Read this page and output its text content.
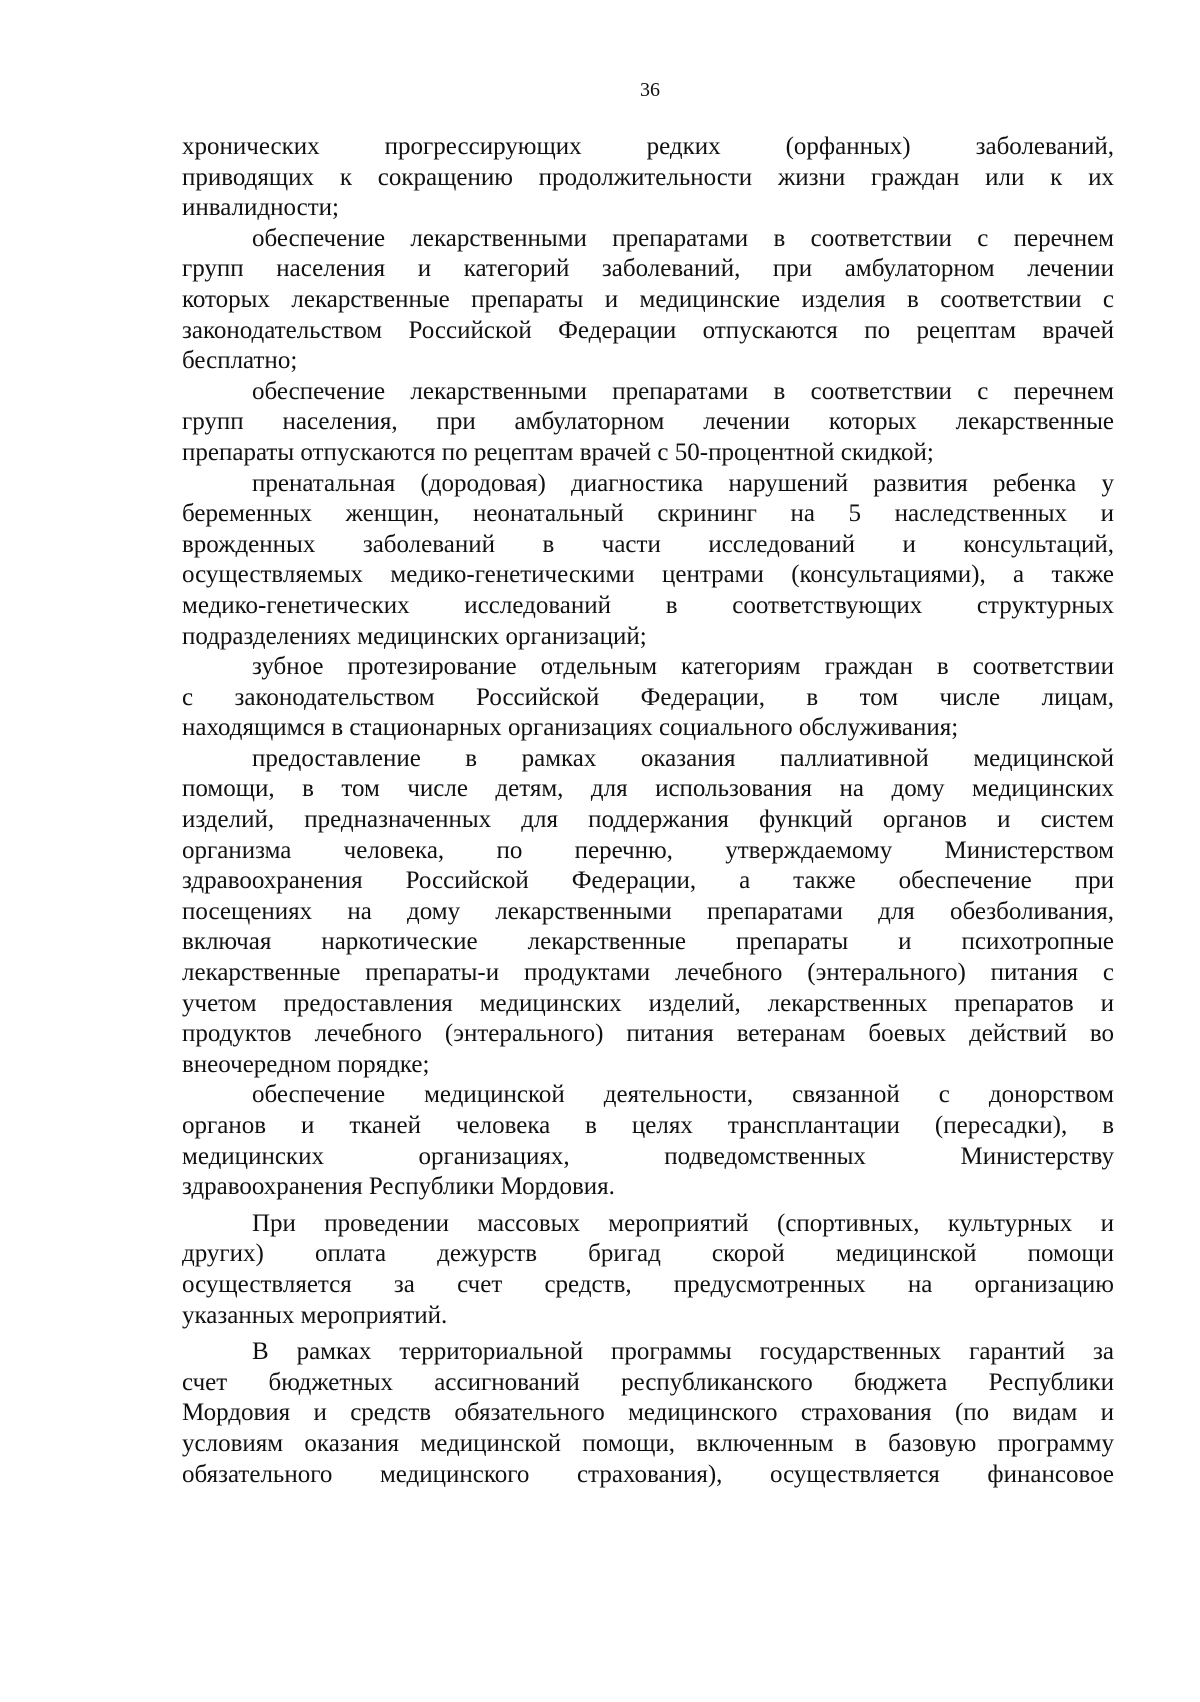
36

хронических прогрессирующих редких (орфанных) заболеваний,
приводящих к сокращению продолжительности жизни граждан или к их
инвалидности;

обеспечение лекарственными препаратами в соответствии с перечнем
групп населения и категорий заболеваний, при амбулаторном лечении
которых лекарственные препараты и медицинские изделия в соответствии с
законодательством Российской Федерации отпускаются по рецептам врачей
бесплатно;

обеспечение лекарственными препаратами в соответствии с перечнем
групп населения, при амбулаторном лечении которых лекарственные
препараты отпускаются по рецептам врачей с 50-процентной скидкой;

пренатальная (дородовая) диагностика нарушений развития ребенка у
беременных женщин, неонатальный скрининг на 5 наследственных и
врожденных заболеваний в части исследований и консультаций,
осуществляемых медико-генетическими центрами (консультациями), а также
медико-генетических исследований в соответствующих структурных
подразделениях медицинских организаций;

зубное протезирование отдельным категориям граждан в соответствии
с законодательством Российской Федерации, в том числе лицам,
находящимся в стационарных организациях социального обслуживания;

предоставление в рамках оказания паллиативной медицинской
помощи, в том числе детям, для использования на дому медицинских
изделий, предназначенных для поддержания функций органов и систем
организма человека, по перечню, утверждаемому Министерством
здравоохранения Российской Федерации, а также обеспечение при
посещениях на дому лекарственными препаратами для обезболивания,
включая наркотические лекарственные препараты и психотропные
лекарственные препараты-и продуктами лечебного (энтерального) питания с
учетом предоставления медицинских изделий, лекарственных препаратов и
продуктов лечебного (энтерального) питания ветеранам боевых действий во
внеочередном порядке;

обеспечение медицинской деятельности, связанной с донорством
органов и тканей человека в целях трансплантации (пересадки), в
медицинских организациях, подведомственных Министерству
здравоохранения Республики Мордовия.

При проведении массовых мероприятий (спортивных, культурных и
других) оплата дежурств бригад скорой медицинской помощи
осуществляется за счет средств, предусмотренных на организацию
указанных мероприятий.

В рамках территориальной программы государственных гарантий за
счет бюджетных ассигнований республиканского бюджета Республики
Мордовия и средств обязательного медицинского страхования (по видам и
условиям оказания медицинской помощи, включенным в базовую программу
обязательного медицинского страхования), осуществляется финансовое
